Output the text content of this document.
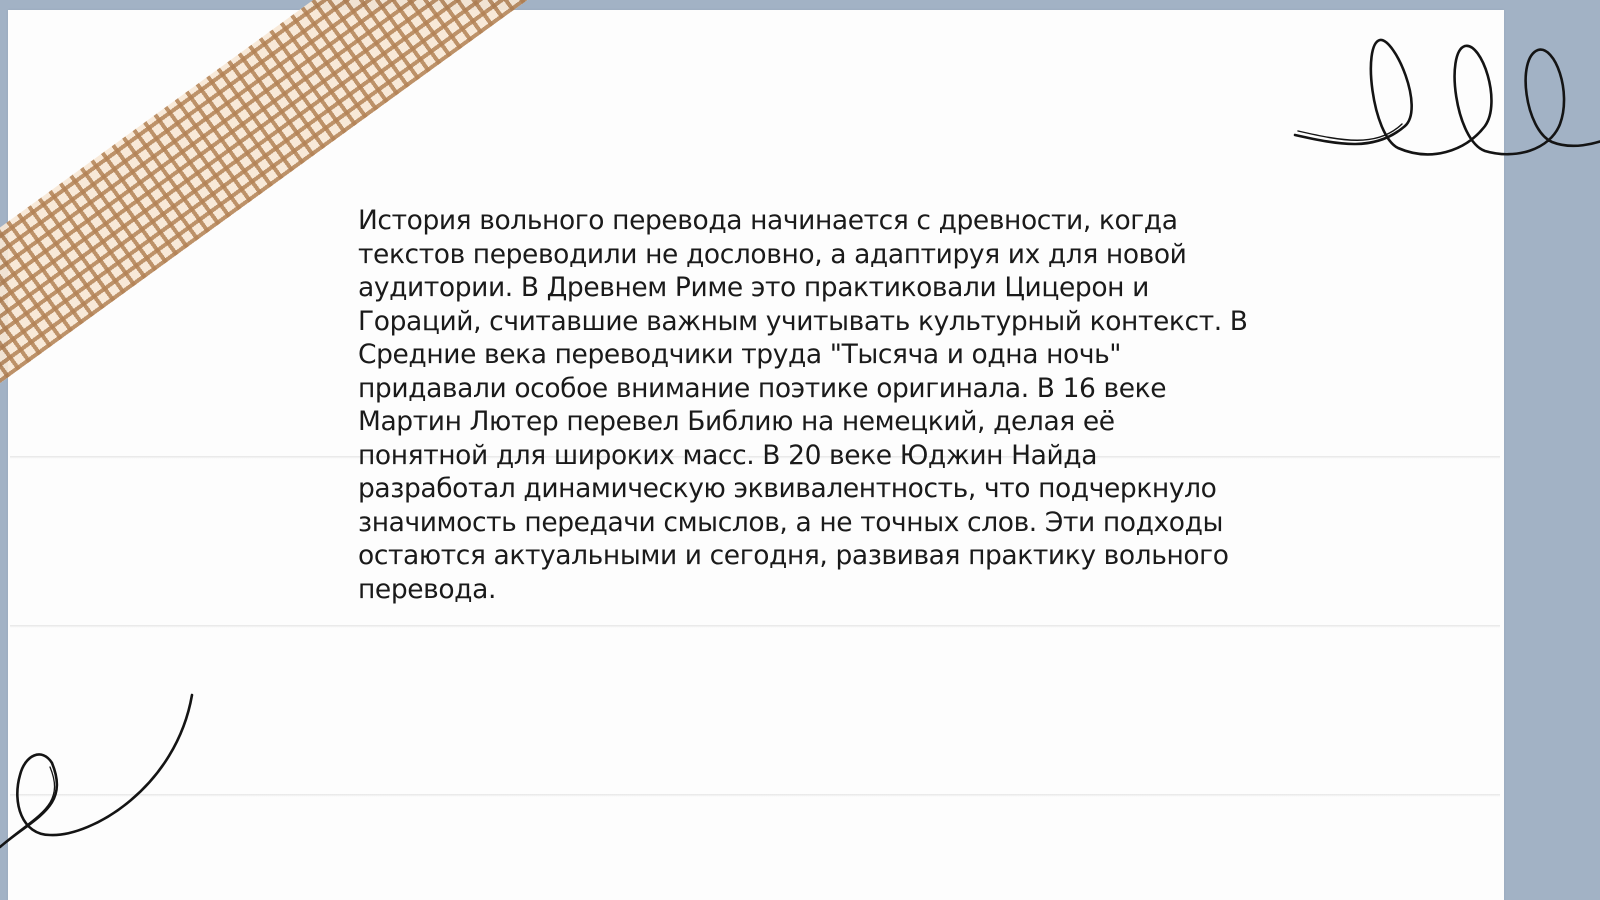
История вольного перевода начинается с древности, когда
текстов переводили не дословно, а адаптируя их для новой
аудитории. В Древнем Риме это практиковали Цицерон и
Гораций, считавшие важным учитывать культурный контекст. В
Средние века переводчики труда "Тысяча и одна ночь"
придавали особое внимание поэтике оригинала. В 16 веке
Мартин Лютер перевел Библию на немецкий, делая её
понятной для широких масс. В 20 веке Юджин Найда
разработал динамическую эквивалентность, что подчеркнуло
значимость передачи смыслов, а не точных слов. Эти подходы
остаются актуальными и сегодня, развивая практику вольного
перевода.
